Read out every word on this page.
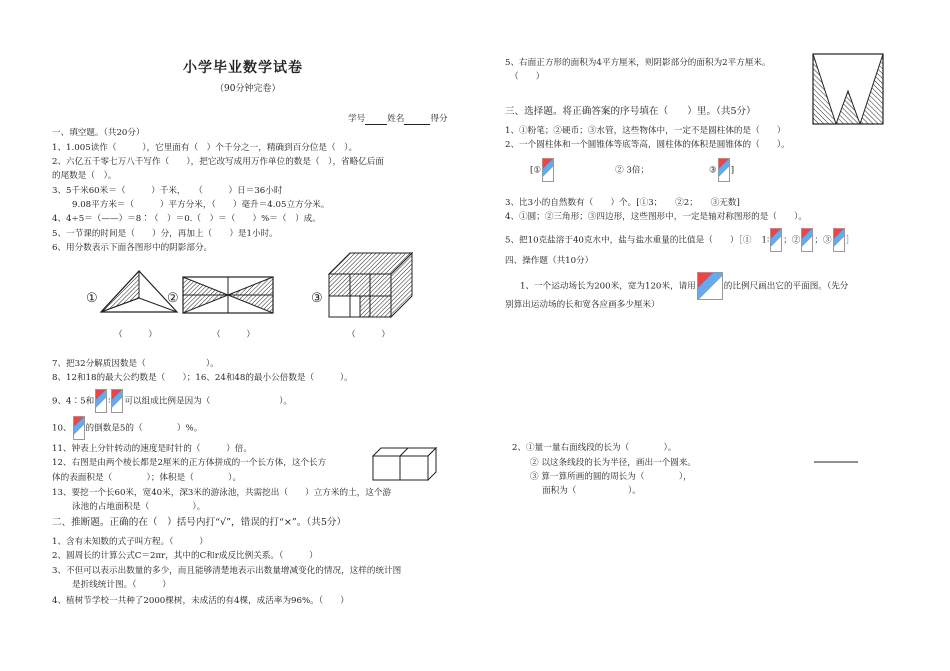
小学毕业数学试卷
（90分钟完卷）
学号	姓名	得分
一、填空题。（共20分）
1、1.005读作（　　　），它里面有（　）个千分之一，精确到百分位是（　）。
2、六亿五千零七万八千写作（　　），把它改写成用万作单位的数是（　），省略亿后面
的尾数是（　）。
3、5千米60米＝（　　　）千米，　　（　　　）日＝36小时
9.08平方米＝（　　　）平方分米，（　　）毫升＝4.05立方分米。
4、4÷5＝（——）＝8∶（　）＝0.（　）＝（　　）%＝（　）成。
5、一节课的时间是（　　）分，再加上（　　）是1小时。
6、用分数表示下面各图形中的阴影部分。
①	②	③
（　　　）	（　　　）	（　　　）
7、把32分解质因数是（　　　　　　　）。
8、12和18的最大公约数是（　　）；16、24和48的最小公倍数是（　　　）。
9、4∶5和 ∶ 可以组成比例是因为（　　　　　　　　）。
10、 的倒数是5的（　　　　）%。
11、钟表上分针转动的速度是时针的（　　　）倍。
12、右图是由两个棱长都是2厘米的正方体拼成的一个长方体，这个长方
体的表面积是（　　　　）；体积是（　　　　）。
13、要挖一个长60米，宽40米，深3米的游泳池，共需挖出（　　）立方米的土，这个游
泳池的占地面积是（　　　　　）。
二、推断题。正确的在（　）括号内打“√”，错误的打“×”。（共5分）
1、含有未知数的式子叫方程。（　　　）
2、圆周长的计算公式C＝2πr，其中的C和r成反比例关系。（　　　）
3、不但可以表示出数量的多少，而且能够清楚地表示出数量增减变化的情况，这样的统计图
是折线统计图。（　　　）
4、植树节学校一共种了2000棵树，未成活的有4棵，成活率为96%。（　　）
5、右面正方形的面积为4平方厘米，则阴影部分的面积为2平方厘米。
（　　）
三、选择题。将正确答案的序号填在（　　）里。（共5分）
1、①粉笔；②硬币；③水管，这些物体中，一定不是圆柱体的是（　　）
2、一个圆柱体和一个圆锥体等底等高，圆柱体的体积是圆锥体的（　　）。
[①	② 3倍；	③ ]
3、比3小的自然数有（　　）个。[①3；　　②2；　　③无数]
4、①圆；②三角形；③四边形，这些图形中，一定是轴对称图形的是（　　）。
5、把10克盐溶于40克水中，盐与盐水重量的比值是（　　）［① 1∶ ；② ；③ ］
四、操作题（共10分）
1、一个运动场长为200米，宽为120米，请用	的比例尺画出它的平面图。（先分
别算出运动场的长和宽各应画多少厘米）
2、①量一量右面线段的长为（　　　　）。
② 以这条线段的长为半径，画出一个圆来。
③ 算一算所画的圆的周长为（　　　　），
面积为（　　　　　　）。
